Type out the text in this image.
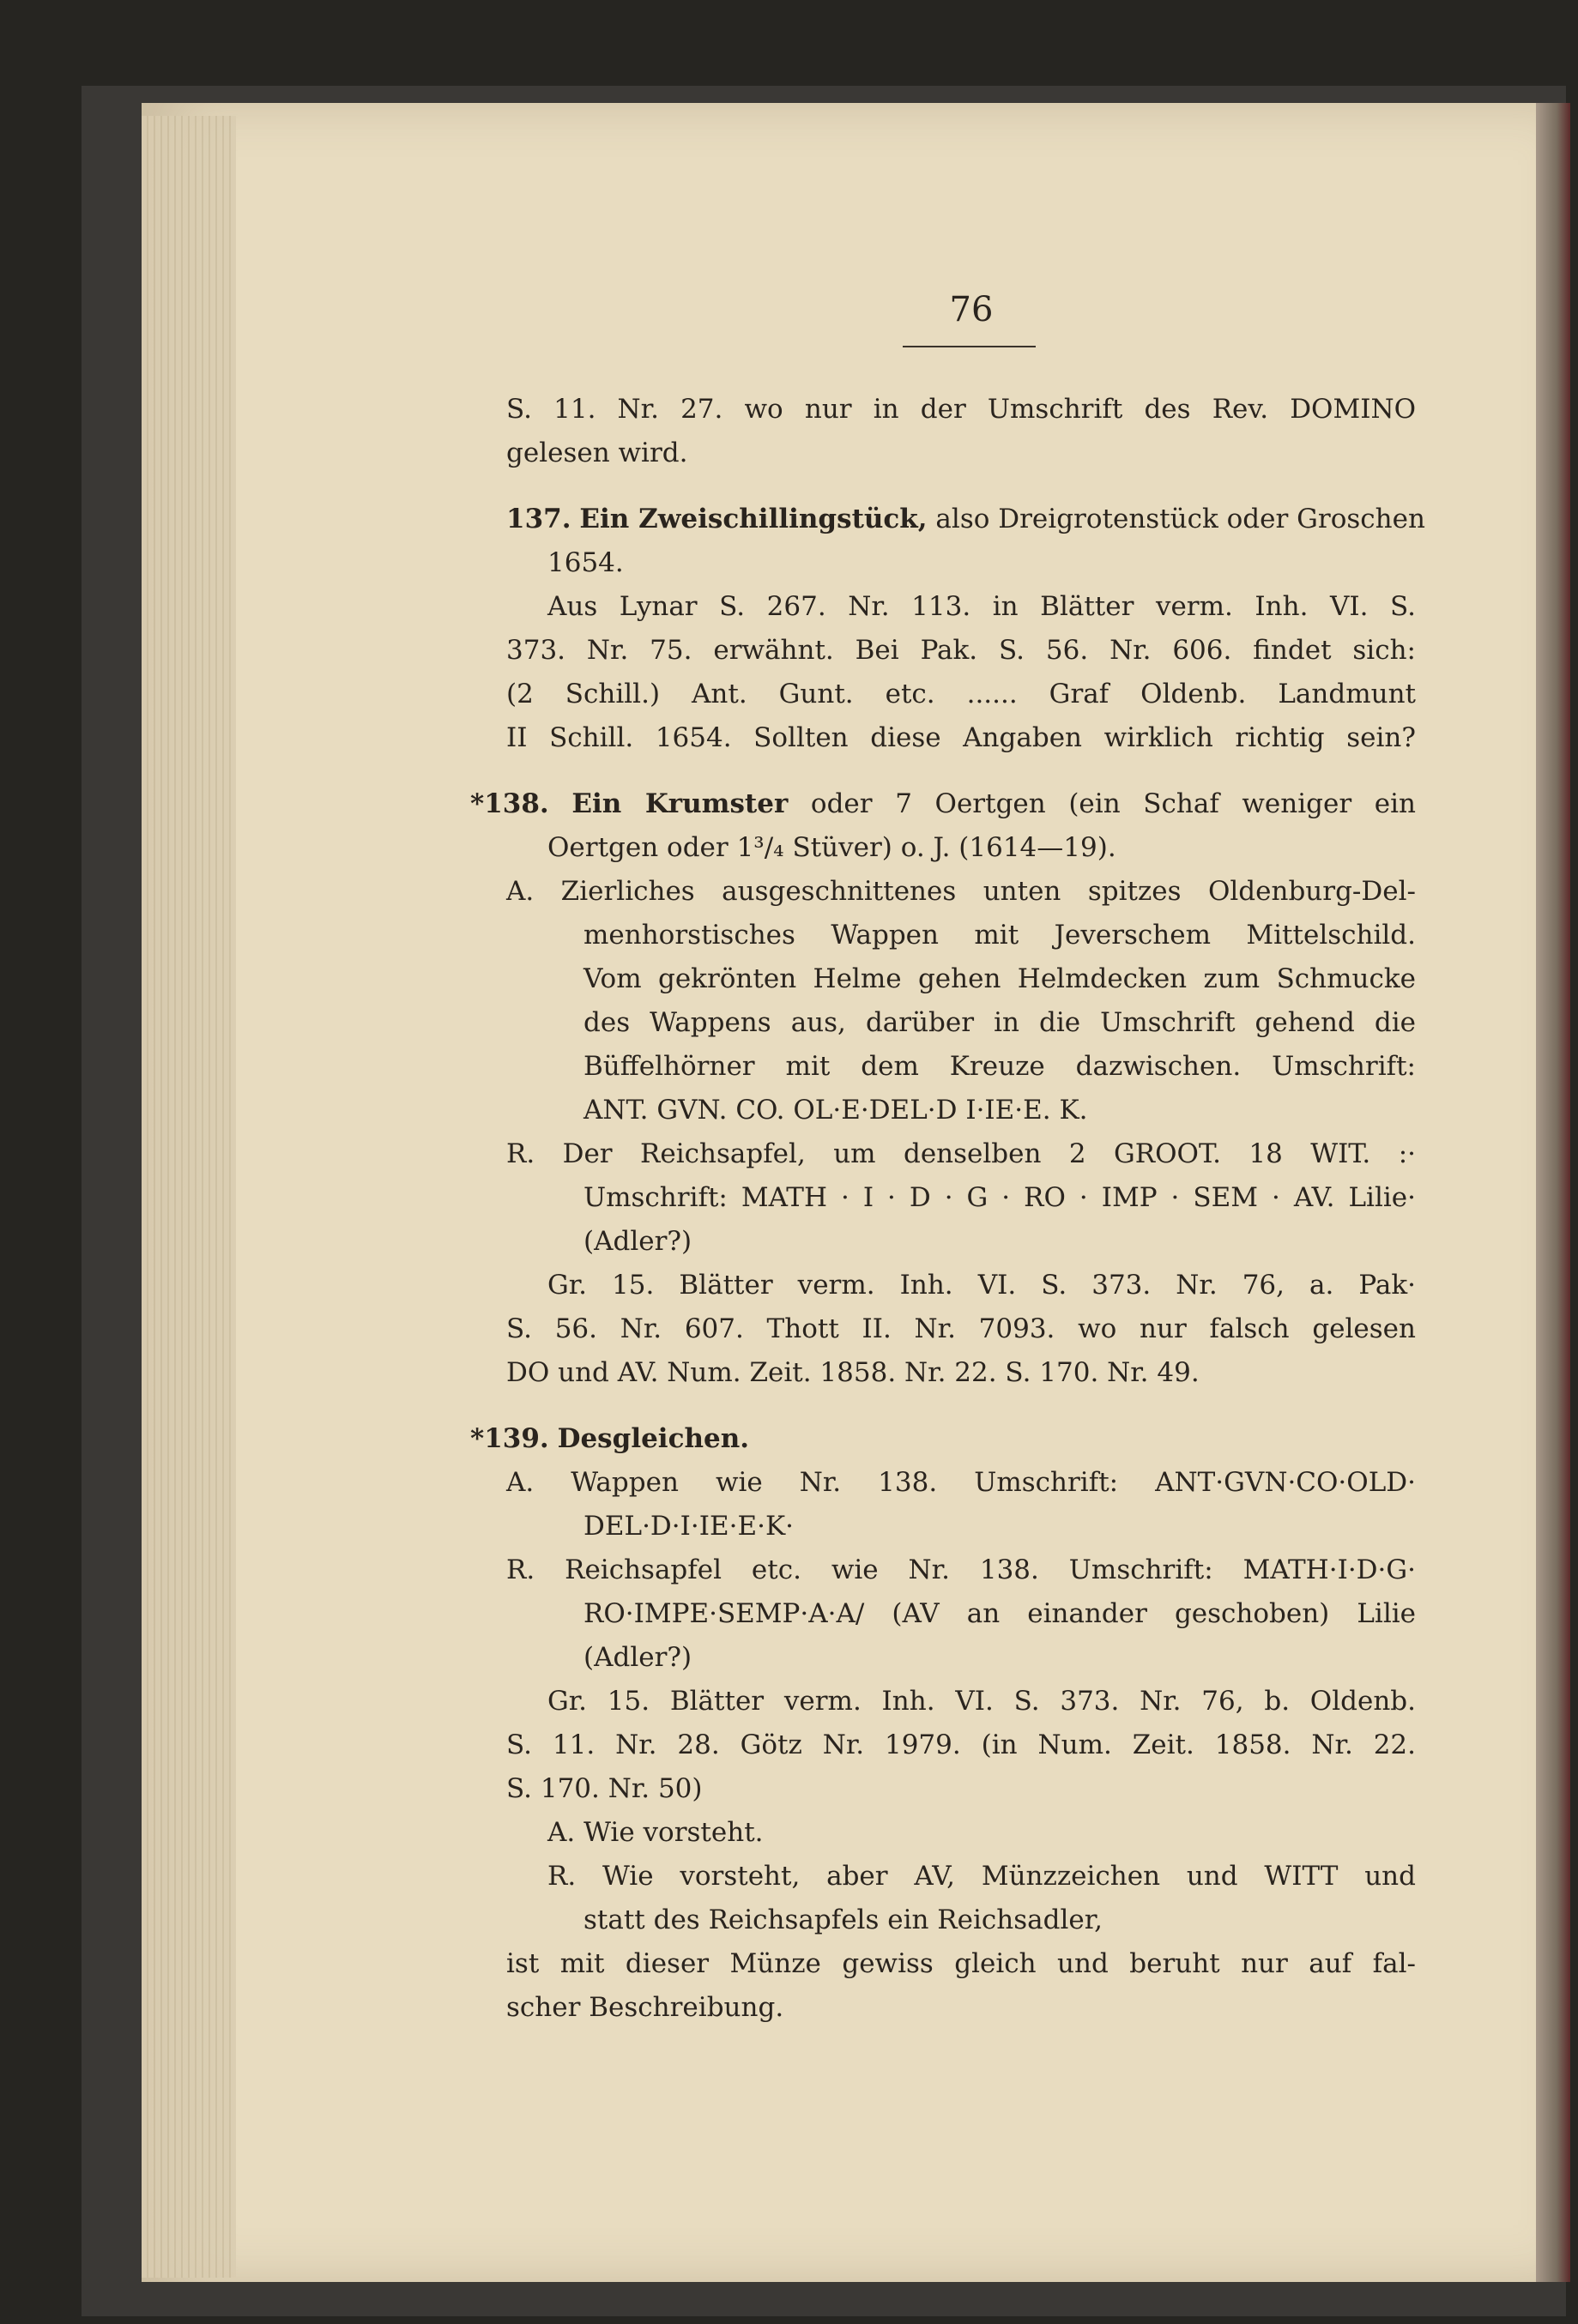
76
S. 11. Nr. 27. wo nur in der Umschrift des Rev. DOMINO
gelesen wird.
137. Ein Zweischillingstück, also Dreigrotenstück oder Groschen
1654.
Aus Lynar S. 267. Nr. 113. in Blätter verm. Inh. VI. S.
373. Nr. 75. erwähnt. Bei Pak. S. 56. Nr. 606. findet sich:
(2 Schill.) Ant. Gunt. etc. ...... Graf Oldenb. Landmunt
II Schill. 1654. Sollten diese Angaben wirklich richtig sein?
*138. Ein Krumster oder 7 Oertgen (ein Schaf weniger ein
Oertgen oder 1³/₄ Stüver) o. J. (1614—19).
A. Zierliches ausgeschnittenes unten spitzes Oldenburg-Del-
menhorstisches Wappen mit Jeverschem Mittelschild.
Vom gekrönten Helme gehen Helmdecken zum Schmucke
des Wappens aus, darüber in die Umschrift gehend die
Büffelhörner mit dem Kreuze dazwischen. Umschrift:
ANT. GVN. CO. OL·E·DEL·D I·IE·E. K.
R. Der Reichsapfel, um denselben 2 GROOT. 18 WIT. :·
Umschrift: MATH · I · D · G · RO · IMP · SEM · AV. Lilie·
(Adler?)
Gr. 15. Blätter verm. Inh. VI. S. 373. Nr. 76, a. Pak·
S. 56. Nr. 607. Thott II. Nr. 7093. wo nur falsch gelesen
DO und AV. Num. Zeit. 1858. Nr. 22. S. 170. Nr. 49.
*139. Desgleichen.
A. Wappen wie Nr. 138. Umschrift: ANT·GVN·CO·OLD·
DEL·D·I·IE·E·K·
R. Reichsapfel etc. wie Nr. 138. Umschrift: MATH·I·D·G·
RO·IMPE·SEMP·A·A/ (AV an einander geschoben) Lilie
(Adler?)
Gr. 15. Blätter verm. Inh. VI. S. 373. Nr. 76, b. Oldenb.
S. 11. Nr. 28. Götz Nr. 1979. (in Num. Zeit. 1858. Nr. 22.
S. 170. Nr. 50)
A. Wie vorsteht.
R. Wie vorsteht, aber AV, Münzzeichen und WITT und
statt des Reichsapfels ein Reichsadler,
ist mit dieser Münze gewiss gleich und beruht nur auf fal-
scher Beschreibung.
